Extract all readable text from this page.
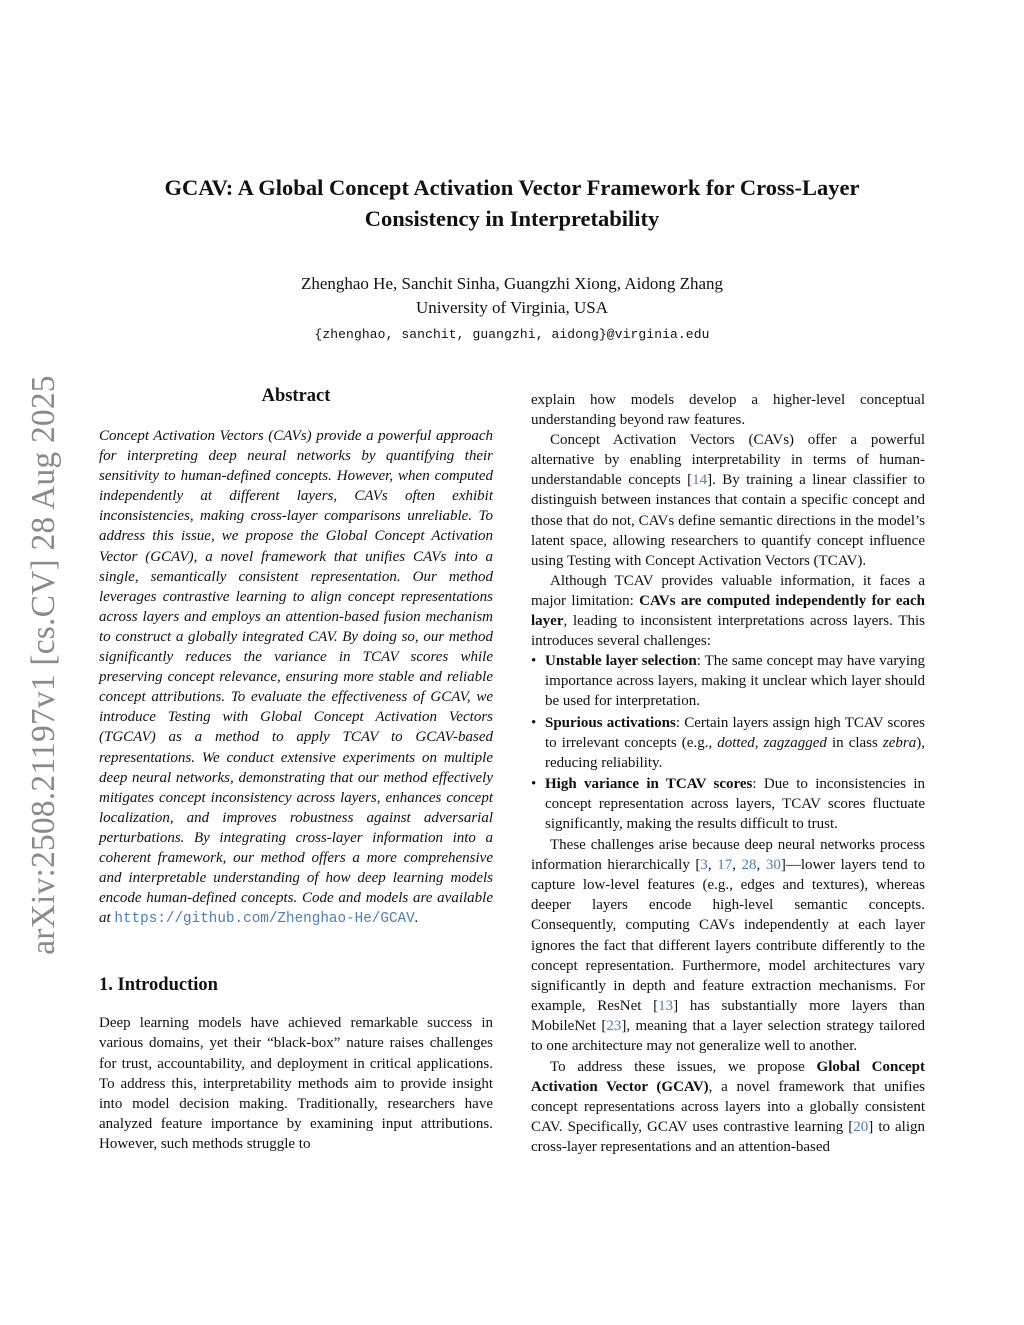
arXiv:2508.21197v1 [cs.CV] 28 Aug 2025
GCAV: A Global Concept Activation Vector Framework for Cross-Layer
Consistency in Interpretability
Zhenghao He, Sanchit Sinha, Guangzhi Xiong, Aidong Zhang
University of Virginia, USA
{zhenghao, sanchit, guangzhi, aidong}@virginia.edu
Abstract

Concept Activation Vectors (CAVs) provide a powerful approach for interpreting deep neural networks by quantifying their sensitivity to human-defined concepts. However, when computed independently at different layers, CAVs often exhibit inconsistencies, making cross-layer comparisons unreliable. To address this issue, we propose the Global Concept Activation Vector (GCAV), a novel framework that unifies CAVs into a single, semantically consistent representation. Our method leverages contrastive learning to align concept representations across layers and employs an attention-based fusion mechanism to construct a globally integrated CAV. By doing so, our method significantly reduces the variance in TCAV scores while preserving concept relevance, ensuring more stable and reliable concept attributions. To evaluate the effectiveness of GCAV, we introduce Testing with Global Concept Activation Vectors (TGCAV) as a method to apply TCAV to GCAV-based representations. We conduct extensive experiments on multiple deep neural networks, demonstrating that our method effectively mitigates concept inconsistency across layers, enhances concept localization, and improves robustness against adversarial perturbations. By integrating cross-layer information into a coherent framework, our method offers a more comprehensive and interpretable understanding of how deep learning models encode human-defined concepts. Code and models are available at https://github.com/Zhenghao-He/GCAV.

1. Introduction

Deep learning models have achieved remarkable success in various domains, yet their “black-box” nature raises challenges for trust, accountability, and deployment in critical applications. To address this, interpretability methods aim to provide insight into model decision making. Traditionally, researchers have analyzed feature importance by examining input attributions. However, such methods struggle to

explain how models develop a higher-level conceptual understanding beyond raw features.

Concept Activation Vectors (CAVs) offer a powerful alternative by enabling interpretability in terms of human-understandable concepts [14]. By training a linear classifier to distinguish between instances that contain a specific concept and those that do not, CAVs define semantic directions in the model’s latent space, allowing researchers to quantify concept influence using Testing with Concept Activation Vectors (TCAV).

Although TCAV provides valuable information, it faces a major limitation: CAVs are computed independently for each layer, leading to inconsistent interpretations across layers. This introduces several challenges:

• Unstable layer selection: The same concept may have varying importance across layers, making it unclear which layer should be used for interpretation.
• Spurious activations: Certain layers assign high TCAV scores to irrelevant concepts (e.g., dotted, zagzagged in class zebra), reducing reliability.
• High variance in TCAV scores: Due to inconsistencies in concept representation across layers, TCAV scores fluctuate significantly, making the results difficult to trust.

These challenges arise because deep neural networks process information hierarchically [3, 17, 28, 30]—lower layers tend to capture low-level features (e.g., edges and textures), whereas deeper layers encode high-level semantic concepts. Consequently, computing CAVs independently at each layer ignores the fact that different layers contribute differently to the concept representation. Furthermore, model architectures vary significantly in depth and feature extraction mechanisms. For example, ResNet [13] has substantially more layers than MobileNet [23], meaning that a layer selection strategy tailored to one architecture may not generalize well to another.

To address these issues, we propose Global Concept Activation Vector (GCAV), a novel framework that unifies concept representations across layers into a globally consistent CAV. Specifically, GCAV uses contrastive learning [20] to align cross-layer representations and an attention-based
